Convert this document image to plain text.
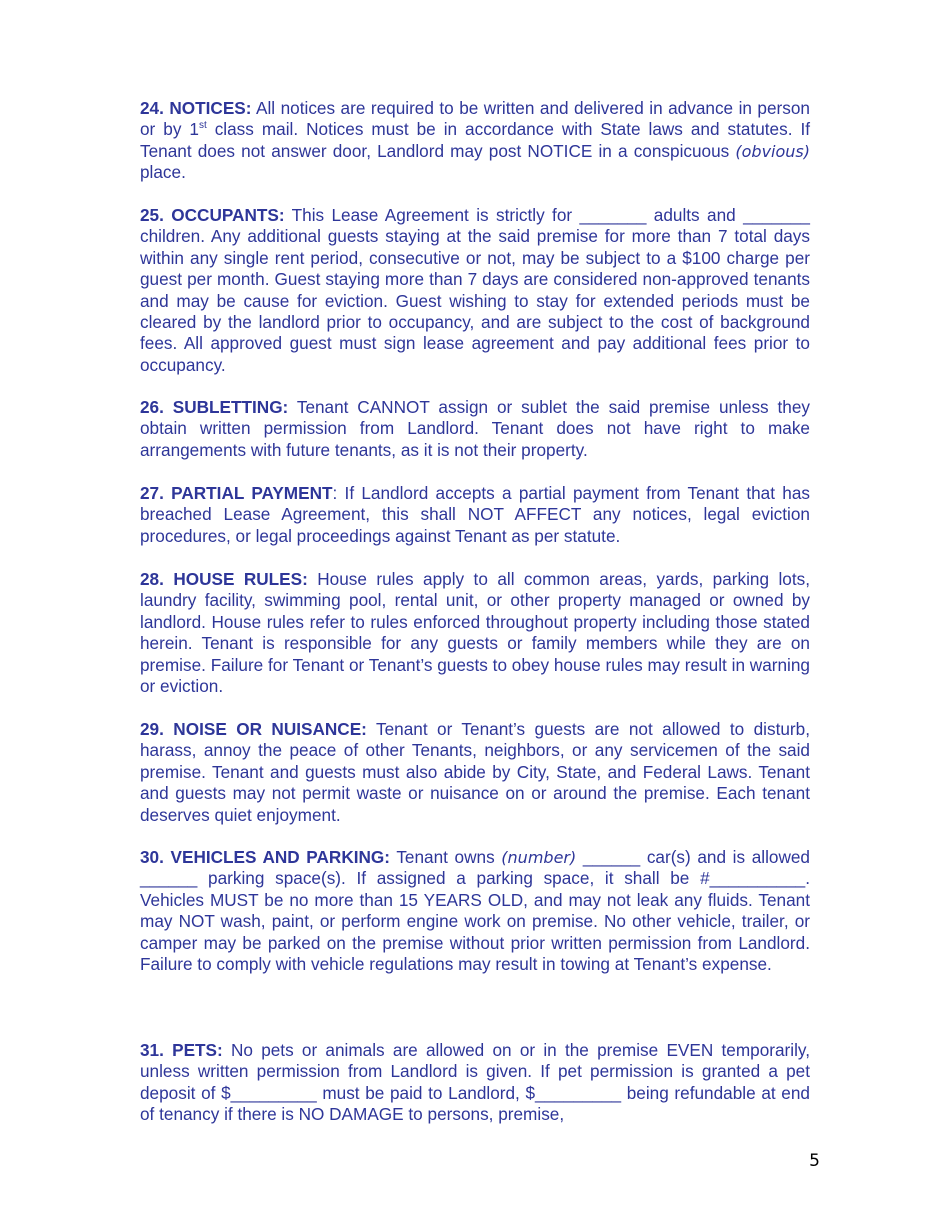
24. NOTICES: All notices are required to be written and delivered in advance in person or by 1st class mail. Notices must be in accordance with State laws and statutes. If Tenant does not answer door, Landlord may post NOTICE in a conspicuous (obvious) place.

25. OCCUPANTS: This Lease Agreement is strictly for _______ adults and _______ children. Any additional guests staying at the said premise for more than 7 total days within any single rent period, consecutive or not, may be subject to a $100 charge per guest per month. Guest staying more than 7 days are considered non-approved tenants and may be cause for eviction. Guest wishing to stay for extended periods must be cleared by the landlord prior to occupancy, and are subject to the cost of background fees. All approved guest must sign lease agreement and pay additional fees prior to occupancy.

26. SUBLETTING: Tenant CANNOT assign or sublet the said premise unless they obtain written permission from Landlord. Tenant does not have right to make arrangements with future tenants, as it is not their property.

27. PARTIAL PAYMENT: If Landlord accepts a partial payment from Tenant that has breached Lease Agreement, this shall NOT AFFECT any notices, legal eviction procedures, or legal proceedings against Tenant as per statute.

28. HOUSE RULES: House rules apply to all common areas, yards, parking lots, laundry facility, swimming pool, rental unit, or other property managed or owned by landlord. House rules refer to rules enforced throughout property including those stated herein. Tenant is responsible for any guests or family members while they are on premise. Failure for Tenant or Tenant’s guests to obey house rules may result in warning or eviction.

29. NOISE OR NUISANCE: Tenant or Tenant’s guests are not allowed to disturb, harass, annoy the peace of other Tenants, neighbors, or any servicemen of the said premise. Tenant and guests must also abide by City, State, and Federal Laws. Tenant and guests may not permit waste or nuisance on or around the premise. Each tenant deserves quiet enjoyment.

30. VEHICLES AND PARKING: Tenant owns (number) ______ car(s) and is allowed ______ parking space(s). If assigned a parking space, it shall be #__________. Vehicles MUST be no more than 15 YEARS OLD, and may not leak any fluids. Tenant may NOT wash, paint, or perform engine work on premise. No other vehicle, trailer, or camper may be parked on the premise without prior written permission from Landlord. Failure to comply with vehicle regulations may result in towing at Tenant’s expense.

31. PETS: No pets or animals are allowed on or in the premise EVEN temporarily, unless written permission from Landlord is given. If pet permission is granted a pet deposit of $_________ must be paid to Landlord, $_________ being refundable at end of tenancy if there is NO DAMAGE to persons, premise,

5
